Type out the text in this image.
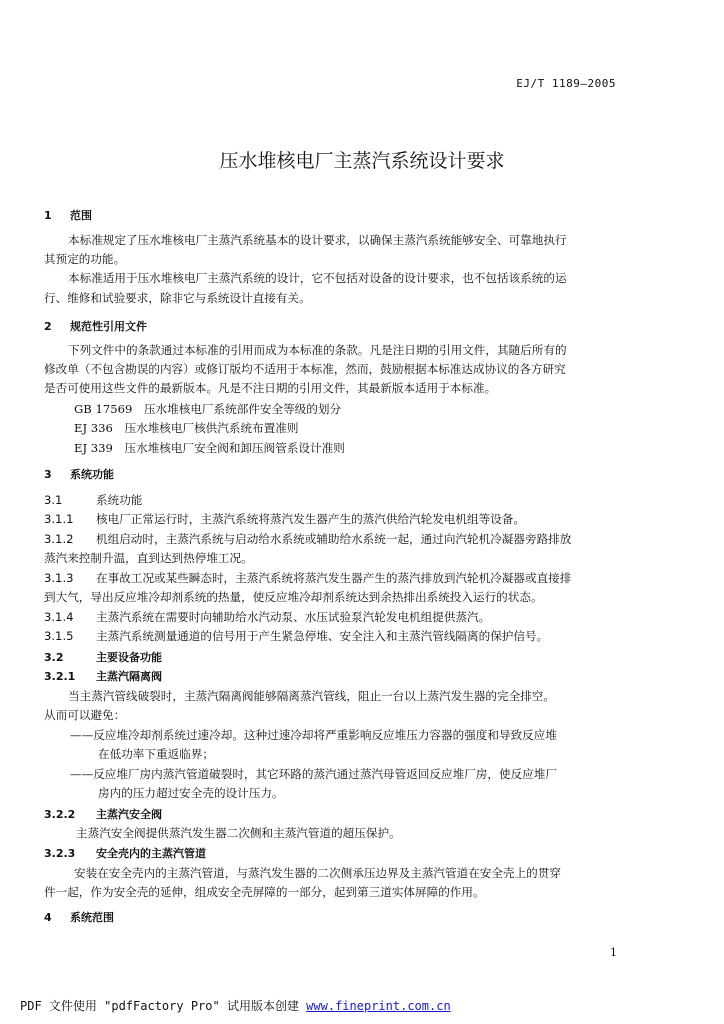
EJ/T 1189—2005
压水堆核电厂主蒸汽系统设计要求
1 范围
本标准规定了压水堆核电厂主蒸汽系统基本的设计要求，以确保主蒸汽系统能够安全、可靠地执行
其预定的功能。
本标准适用于压水堆核电厂主蒸汽系统的设计，它不包括对设备的设计要求，也不包括该系统的运
行、维修和试验要求，除非它与系统设计直接有关。
2 规范性引用文件
下列文件中的条款通过本标准的引用而成为本标准的条款。凡是注日期的引用文件，其随后所有的
修改单（不包含勘误的内容）或修订版均不适用于本标准，然而，鼓励根据本标准达成协议的各方研究
是否可使用这些文件的最新版本。凡是不注日期的引用文件，其最新版本适用于本标准。
GB 17569　压水堆核电厂系统部件安全等级的划分
EJ 336　压水堆核电厂核供汽系统布置准则
EJ 339　压水堆核电厂安全阀和卸压阀管系设计准则
3 系统功能
3.1	系统功能
3.1.1 核电厂正常运行时，主蒸汽系统将蒸汽发生器产生的蒸汽供给汽轮发电机组等设备。
3.1.2 机组启动时，主蒸汽系统与启动给水系统或辅助给水系统一起，通过向汽轮机冷凝器旁路排放
蒸汽来控制升温，直到达到热停堆工况。
3.1.3 在事故工况或某些瞬态时，主蒸汽系统将蒸汽发生器产生的蒸汽排放到汽轮机冷凝器或直接排
到大气，导出反应堆冷却剂系统的热量，使反应堆冷却剂系统达到余热排出系统投入运行的状态。
3.1.4 主蒸汽系统在需要时向辅助给水汽动泵、水压试验泵汽轮发电机组提供蒸汽。
3.1.5 主蒸汽系统测量通道的信号用于产生紧急停堆、安全注入和主蒸汽管线隔离的保护信号。
3.2	主要设备功能
3.2.1 主蒸汽隔离阀
当主蒸汽管线破裂时，主蒸汽隔离阀能够隔离蒸汽管线，阻止一台以上蒸汽发生器的完全排空。
从而可以避免：
——反应堆冷却剂系统过速冷却。这种过速冷却将严重影响反应堆压力容器的强度和导致反应堆
在低功率下重返临界；
——反应堆厂房内蒸汽管道破裂时，其它环路的蒸汽通过蒸汽母管返回反应堆厂房，使反应堆厂
房内的压力超过安全壳的设计压力。
3.2.2 主蒸汽安全阀
主蒸汽安全阀提供蒸汽发生器二次侧和主蒸汽管道的超压保护。
3.2.3 安全壳内的主蒸汽管道
安装在安全壳内的主蒸汽管道，与蒸汽发生器的二次侧承压边界及主蒸汽管道在安全壳上的贯穿
件一起，作为安全壳的延伸，组成安全壳屏障的一部分，起到第三道实体屏障的作用。
4 系统范围
1
PDF 文件使用 "pdfFactory Pro" 试用版本创建 www.fineprint.com.cn
